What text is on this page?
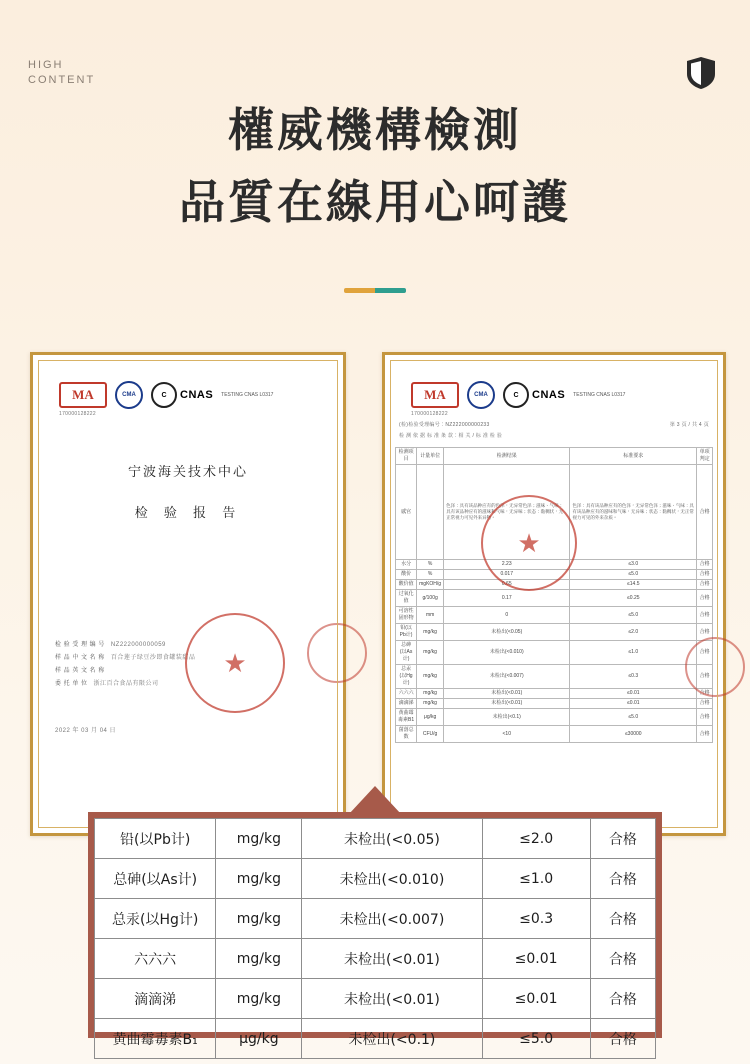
HIGH
CONTENT
權威機構檢測
品質在線用心呵護
MA	CMA	C	CNAS TESTING CNAS L0317
170000128222
宁波海关技术中心
检 验 报 告
检 验 受 理 编 号 NZ222000000059
样 品 中 文 名 称 百合莲子绿豆沙即食罐装甜品
样 品 英 文 名 称
委 托 单 位 浙江百合食品有限公司
2022 年 03 月 04 日
★
MA	CMA	C	CNAS TESTING CNAS L0317
170000128222
(检)检验受理编号：NZ222000000233	第 3 页 / 共 4 页
检 测 依 据 标 准 条 款：相 关 / 标 准 检 验
检测项目	计量单位	检测结果	标准要求	单项判定
感官		色泽：具有该品种应有的色泽，无异常色泽；滋味、气味：具有该品种应有的滋味和气味，无异味；状态：黏稠状，无正常视力可见外来异物。	色泽：具有该品种应有的色泽，无异常色泽；滋味、气味：具有该品种应有的滋味和气味，无异味；状态：黏稠状，无正常视力可见的外来杂质。	合格
水分	%	2.23	≤3.0	合格
酸价	%	0.017	≤5.0	合格
酸价值	mgKOH/g	0.65	≤14.5	合格
过氧化值	g/100g	0.17	≤0.25	合格
可溶性固形物	mm	0	≤5.0	合格
铅(以Pb计)	mg/kg	未检出(<0.05)	≤2.0	合格
总砷(以As计)	mg/kg	未检出(<0.010)	≤1.0	合格
总汞(以Hg计)	mg/kg	未检出(<0.007)	≤0.3	合格
六六六	mg/kg	未检出(<0.01)	≤0.01	合格
滴滴涕	mg/kg	未检出(<0.01)	≤0.01	合格
黄曲霉毒素B1	μg/kg	未检出(<0.1)	≤5.0	合格
菌落总数	CFU/g	<10	≤30000	合格
★
铅(以Pb计)	mg/kg	未检出(<0.05)	≤2.0	合格
总砷(以As计)	mg/kg	未检出(<0.010)	≤1.0	合格
总汞(以Hg计)	mg/kg	未检出(<0.007)	≤0.3	合格
六六六	mg/kg	未检出(<0.01)	≤0.01	合格
滴滴涕	mg/kg	未检出(<0.01)	≤0.01	合格
黄曲霉毒素B₁	μg/kg	未检出(<0.1)	≤5.0	合格
